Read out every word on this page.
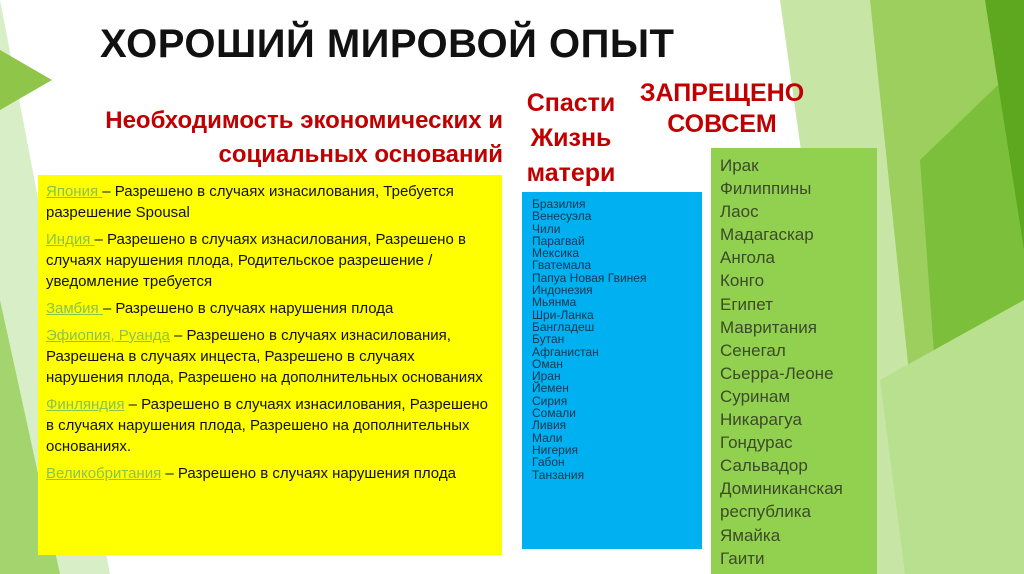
ХОРОШИЙ МИРОВОЙ ОПЫТ
Необходимость экономических и социальных оснований
Спасти Жизнь матери
ЗАПРЕЩЕНО СОВСЕМ
Япония – Разрешено в случаях изнасилования, Требуется разрешение Spousal
Индия – Разрешено в случаях изнасилования, Разрешено в случаях нарушения плода, Родительское разрешение / уведомление требуется
Замбия – Разрешено в случаях нарушения плода
Эфиопия, Руанда – Разрешено в случаях изнасилования, Разрешена в случаях инцеста, Разрешено в случаях нарушения плода, Разрешено на дополнительных основаниях
Финляндия – Разрешено в случаях изнасилования, Разрешено в случаях нарушения плода, Разрешено на дополнительных основаниях.
Великобритания – Разрешено в случаях нарушения плода
Бразилия
Венесуэла
Чили
Парагвай
Мексика
Гватемала
Папуа Новая Гвинея
Индонезия
Мьянма
Шри-Ланка
Бангладеш
Бутан
Афганистан
Оман
Иран
Йемен
Сирия
Сомали
Ливия
Мали
Нигерия
Габон
Танзания
Ирак
Филиппины
Лаос
Мадагаскар
Ангола
Конго
Египет
Мавритания
Сенегал
Сьерра-Леоне
Суринам
Никарагуа
Гондурас
Сальвадор
Доминиканская республика
Ямайка
Гаити
